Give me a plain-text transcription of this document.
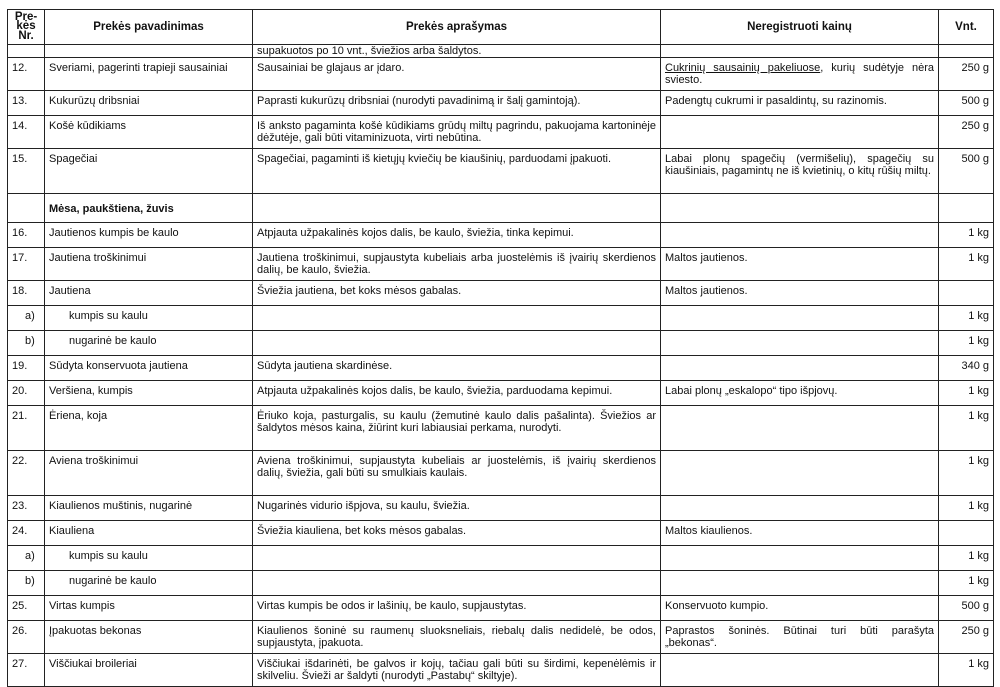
Pre-
kės
Nr.	Prekės pavadinimas	Prekės aprašymas	Neregistruoti kainų	Vnt.
		supakuotos po 10 vnt., šviežios arba šaldytos.		
12.	Sveriami, pagerinti trapieji sausainiai	Sausainiai be glajaus ar įdaro.	Cukrinių sausainių pakeliuose, kurių sudėtyje nėra sviesto.	250 g
13.	Kukurūzų dribsniai	Paprasti kukurūzų dribsniai (nurodyti pavadinimą ir šalį gamintoją).	Padengtų cukrumi ir pasaldintų, su razinomis.	500 g
14.	Košė kūdikiams	Iš anksto pagaminta košė kūdikiams grūdų miltų pagrindu, pakuojama kartoninėje dėžutėje, gali būti vitaminizuota, virti nebūtina.		250 g
15.	Spagečiai	Spagečiai, pagaminti iš kietųjų kviečių be kiaušinių, parduodami įpakuoti.	Labai plonų spagečių (vermišelių), spagečių su kiaušiniais, pagamintų ne iš kvietinių, o kitų rūšių miltų.	500 g
	Mėsa, paukštiena, žuvis			
16.	Jautienos kumpis be kaulo	Atpjauta užpakalinės kojos dalis, be kaulo, šviežia, tinka kepimui.		1 kg
17.	Jautiena troškinimui	Jautiena troškinimui, supjaustyta kubeliais arba juostelėmis iš įvairių skerdienos dalių, be kaulo, šviežia.	Maltos jautienos.	1 kg
18.	Jautiena	Šviežia jautiena, bet koks mėsos gabalas.	Maltos jautienos.	
a)	kumpis su kaulu			1 kg
b)	nugarinė be kaulo			1 kg
19.	Sūdyta konservuota jautiena	Sūdyta jautiena skardinėse.		340 g
20.	Veršiena, kumpis	Atpjauta užpakalinės kojos dalis, be kaulo, šviežia, parduodama kepimui.	Labai plonų „eskalopo“ tipo išpjovų.	1 kg
21.	Ėriena, koja	Ėriuko koja, pasturgalis, su kaulu (žemutinė kaulo dalis pašalinta). Šviežios ar šaldytos mėsos kaina, žiūrint kuri labiausiai perkama, nurodyti.		1 kg
22.	Aviena troškinimui	Aviena troškinimui, supjaustyta kubeliais ar juostelėmis, iš įvairių skerdienos dalių, šviežia, gali būti su smulkiais kaulais.		1 kg
23.	Kiaulienos muštinis, nugarinė	Nugarinės vidurio išpjova, su kaulu, šviežia.		1 kg
24.	Kiauliena	Šviežia kiauliena, bet koks mėsos gabalas.	Maltos kiaulienos.	
a)	kumpis su kaulu			1 kg
b)	nugarinė be kaulo			1 kg
25.	Virtas kumpis	Virtas kumpis be odos ir lašinių, be kaulo, supjaustytas.	Konservuoto kumpio.	500 g
26.	Įpakuotas bekonas	Kiaulienos šoninė su raumenų sluoksneliais, riebalų dalis nedidelė, be odos, supjaustyta, įpakuota.	Paprastos šoninės. Būtinai turi būti parašyta „bekonas“.	250 g
27.	Viščiukai broileriai	Viščiukai išdarinėti, be galvos ir kojų, tačiau gali būti su širdimi, kepenėlėmis ir skilveliu. Švieži ar šaldyti (nurodyti „Pastabų“ skiltyje).		1 kg
